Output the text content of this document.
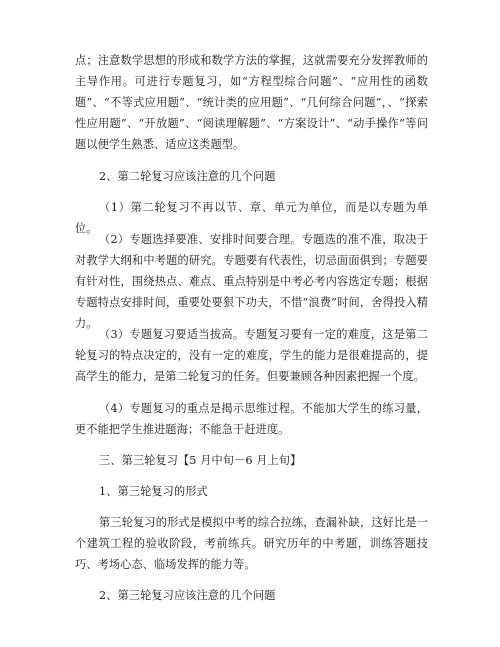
点；注意数学思想的形成和数学方法的掌握，这就需要充分发挥教师的主导作用。可进行专题复习，如“方程型综合问题”、“应用性的函数题”、“不等式应用题”、“统计类的应用题”、“几何综合问题”，、“探索性应用题”、“开放题”、“阅读理解题”、“方案设计”、“动手操作”等问题以便学生熟悉、适应这类题型。
2、第二轮复习应该注意的几个问题
（1）第二轮复习不再以节、章、单元为单位，而是以专题为单位。
（2）专题选择要准、安排时间要合理。专题选的准不准，取决于对教学大纲和中考题的研究。专题要有代表性，切忌面面俱到；专题要有针对性，围绕热点、难点、重点特别是中考必考内容选定专题；根据专题特点安排时间，重要处要狠下功夫，不惜“浪费”时间，舍得投入精力。
（3）专题复习要适当拔高。专题复习要有一定的难度，这是第二轮复习的特点决定的，没有一定的难度，学生的能力是很难提高的，提高学生的能力，是第二轮复习的任务。但要兼顾各种因素把握一个度。
（4）专题复习的重点是揭示思维过程。不能加大学生的练习量，更不能把学生推进题海；不能急于赶进度。
三、第三轮复习【5 月中旬－6 月上旬】
1、第三轮复习的形式
第三轮复习的形式是模拟中考的综合拉练，查漏补缺，这好比是一个建筑工程的验收阶段，考前练兵。研究历年的中考题，训练答题技巧、考场心态、临场发挥的能力等。
2、第三轮复习应该注意的几个问题
